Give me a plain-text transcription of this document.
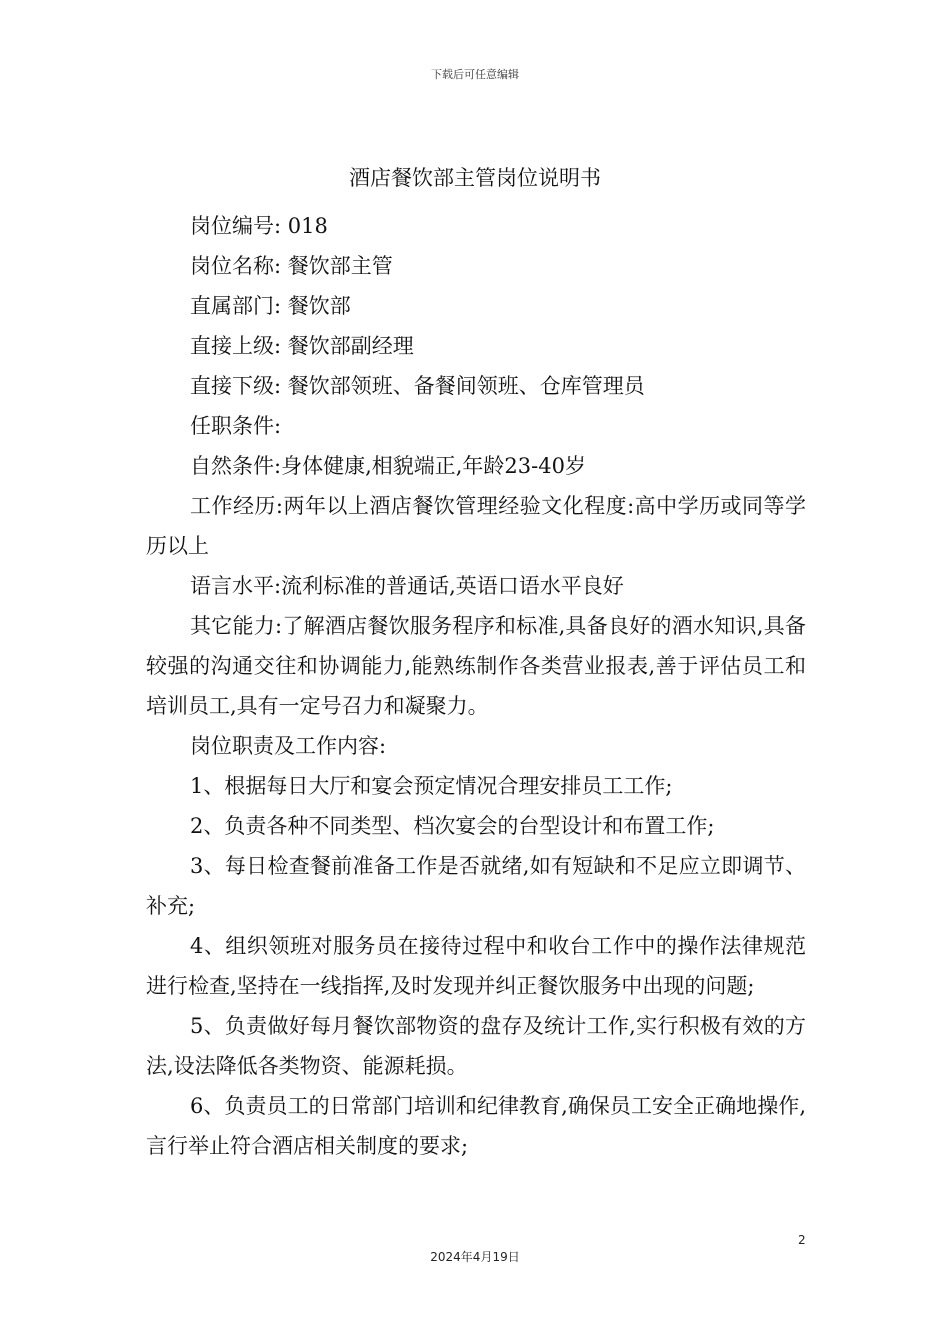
下载后可任意编辑
酒店餐饮部主管岗位说明书

岗位编号: 018

岗位名称: 餐饮部主管

直属部门: 餐饮部

直接上级: 餐饮部副经理

直接下级: 餐饮部领班、备餐间领班、仓库管理员

任职条件:

自然条件:身体健康,相貌端正,年龄23-40岁

工作经历:两年以上酒店餐饮管理经验文化程度:高中学历或同等学历以上

语言水平:流利标准的普通话,英语口语水平良好

其它能力:了解酒店餐饮服务程序和标准,具备良好的酒水知识,具备较强的沟通交往和协调能力,能熟练制作各类营业报表,善于评估员工和培训员工,具有一定号召力和凝聚力。

岗位职责及工作内容:

1、根据每日大厅和宴会预定情况合理安排员工工作;

2、负责各种不同类型、档次宴会的台型设计和布置工作;

3、每日检查餐前准备工作是否就绪,如有短缺和不足应立即调节、补充;

4、组织领班对服务员在接待过程中和收台工作中的操作法律规范进行检查,坚持在一线指挥,及时发现并纠正餐饮服务中出现的问题;

5、负责做好每月餐饮部物资的盘存及统计工作,实行积极有效的方法,设法降低各类物资、能源耗损。

6、负责员工的日常部门培训和纪律教育,确保员工安全正确地操作,言行举止符合酒店相关制度的要求;

2
2024年4月19日
